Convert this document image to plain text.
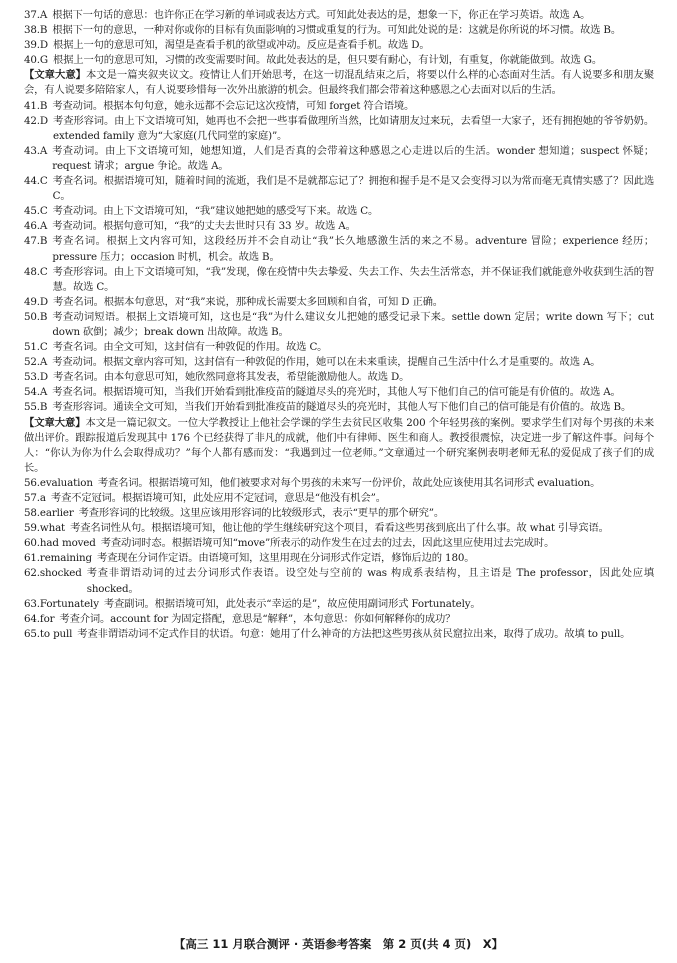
37.A
  根据下一句话的意思：也许你正在学习新的单词或表达方式。可知此处表达的是，想象一下，你正在学习英语。故选 A。
38.B
  根据下一句的意思，一种对你或你的目标有负面影响的习惯或重复的行为。可知此处说的是：这就是你所说的坏习惯。故选 B。
39.D
  根据上一句的意思可知，渴望是查看手机的欲望或冲动。反应是查看手机。故选 D。
40.G
  根据上一句的意思可知，习惯的改变需要时间。故此处表达的是，但只要有耐心，有计划，有重复，你就能做到。故选 G。
【文章大意】本文是一篇夹叙夹议文。疫情让人们开始思考，在这一切混乱结束之后，将要以什么样的心态面对生活。有人说要多和朋友聚会，有人说要多陪陪家人，有人说要珍惜每一次外出旅游的机会。但最终我们都会带着这种感恩之心去面对以后的生活。
41.B
  考查动词。根据本句句意，她永远都不会忘记这次疫情，可知 forget 符合语境。
42.D
  考查形容词。由上下文语境可知，她再也不会把一些事看做理所当然，比如请朋友过来玩，去看望一大家子，还有拥抱她的爷爷奶奶。extended family 意为“大家庭(几代同堂的家庭)”。
43.A
  考查动词。由上下文语境可知，她想知道，人们是否真的会带着这种感恩之心走进以后的生活。wonder 想知道；suspect 怀疑；request 请求；argue 争论。故选 A。
44.C
  考查名词。根据语境可知，随着时间的流逝，我们是不是就都忘记了？拥抱和握手是不是又会变得习以为常而毫无真情实感了？因此选 C。
45.C
  考查动词。由上下文语境可知，“我”建议她把她的感受写下来。故选 C。
46.A
  考查动词。根据句意可知，“我”的丈夫去世时只有 33 岁。故选 A。
47.B
  考查名词。根据上文内容可知，这段经历并不会自动让“我”长久地感激生活的来之不易。adventure 冒险；experience 经历；pressure 压力；occasion 时机，机会。故选 B。
48.C
  考查形容词。由上下文语境可知，“我”发现，像在疫情中失去挚爱、失去工作、失去生活常态，并不保证我们就能意外收获到生活的智慧。故选 C。
49.D
  考查名词。根据本句意思，对“我”来说，那种成长需要太多回顾和自省，可知 D 正确。
50.B
  考查动词短语。根据上文语境可知，这也是“我”为什么建议女儿把她的感受记录下来。settle down 定居；write down 写下；cut down 砍倒；减少；break down 出故障。故选 B。
51.C
  考查名词。由全文可知，这封信有一种敦促的作用。故选 C。
52.A
  考查动词。根据文章内容可知，这封信有一种敦促的作用，她可以在未来重读，提醒自己生活中什么才是重要的。故选 A。
53.D
  考查名词。由本句意思可知，她欣然同意将其发表，希望能激励他人。故选 D。
54.A
  考查名词。根据语境可知，当我们开始看到批准疫苗的隧道尽头的亮光时，其他人写下他们自己的信可能是有价值的。故选 A。
55.B
  考查形容词。通读全文可知，当我们开始看到批准疫苗的隧道尽头的亮光时，其他人写下他们自己的信可能是有价值的。故选 B。
【文章大意】本文是一篇记叙文。一位大学教授让上他社会学课的学生去贫民区收集 200 个年轻男孩的案例。要求学生们对每个男孩的未来做出评价。跟踪报道后发现其中 176 个已经获得了非凡的成就，他们中有律师、医生和商人。教授很震惊，决定进一步了解这件事。问每个人：“你认为你为什么会取得成功？”每个人都有感而发：“我遇到过一位老师。”文章通过一个研究案例表明老师无私的爱促成了孩子们的成长。
56.evaluation
  考查名词。根据语境可知，他们被要求对每个男孩的未来写一份评价，故此处应该使用其名词形式 evaluation。
57.a
  考查不定冠词。根据语境可知，此处应用不定冠词，意思是“他没有机会”。
58.earlier
  考查形容词的比较级。这里应该用形容词的比较级形式，表示“更早的那个研究”。
59.what
  考查名词性从句。根据语境可知，他让他的学生继续研究这个项目，看看这些男孩到底出了什么事。故 what 引导宾语。
60.had moved
  考查动词时态。根据语境可知“move”所表示的动作发生在过去的过去，因此这里应使用过去完成时。
61.remaining
  考查现在分词作定语。由语境可知，这里用现在分词形式作定语，修饰后边的 180。
62.shocked
  考查非谓语动词的过去分词形式作表语。设空处与空前的 was 构成系表结构，且主语是 The professor，因此处应填 shocked。
63.Fortunately
  考查副词。根据语境可知，此处表示“幸运的是”，故应使用副词形式 Fortunately。
64.for
  考查介词。account for 为固定搭配，意思是“解释”，本句意思：你如何解释你的成功？
65.to pull
  考查非谓语动词不定式作目的状语。句意：她用了什么神奇的方法把这些男孩从贫民窟拉出来，取得了成功。故填 to pull。
【高三 11 月联合测评 · 英语参考答案　第 2 页(共 4 页)　X】
